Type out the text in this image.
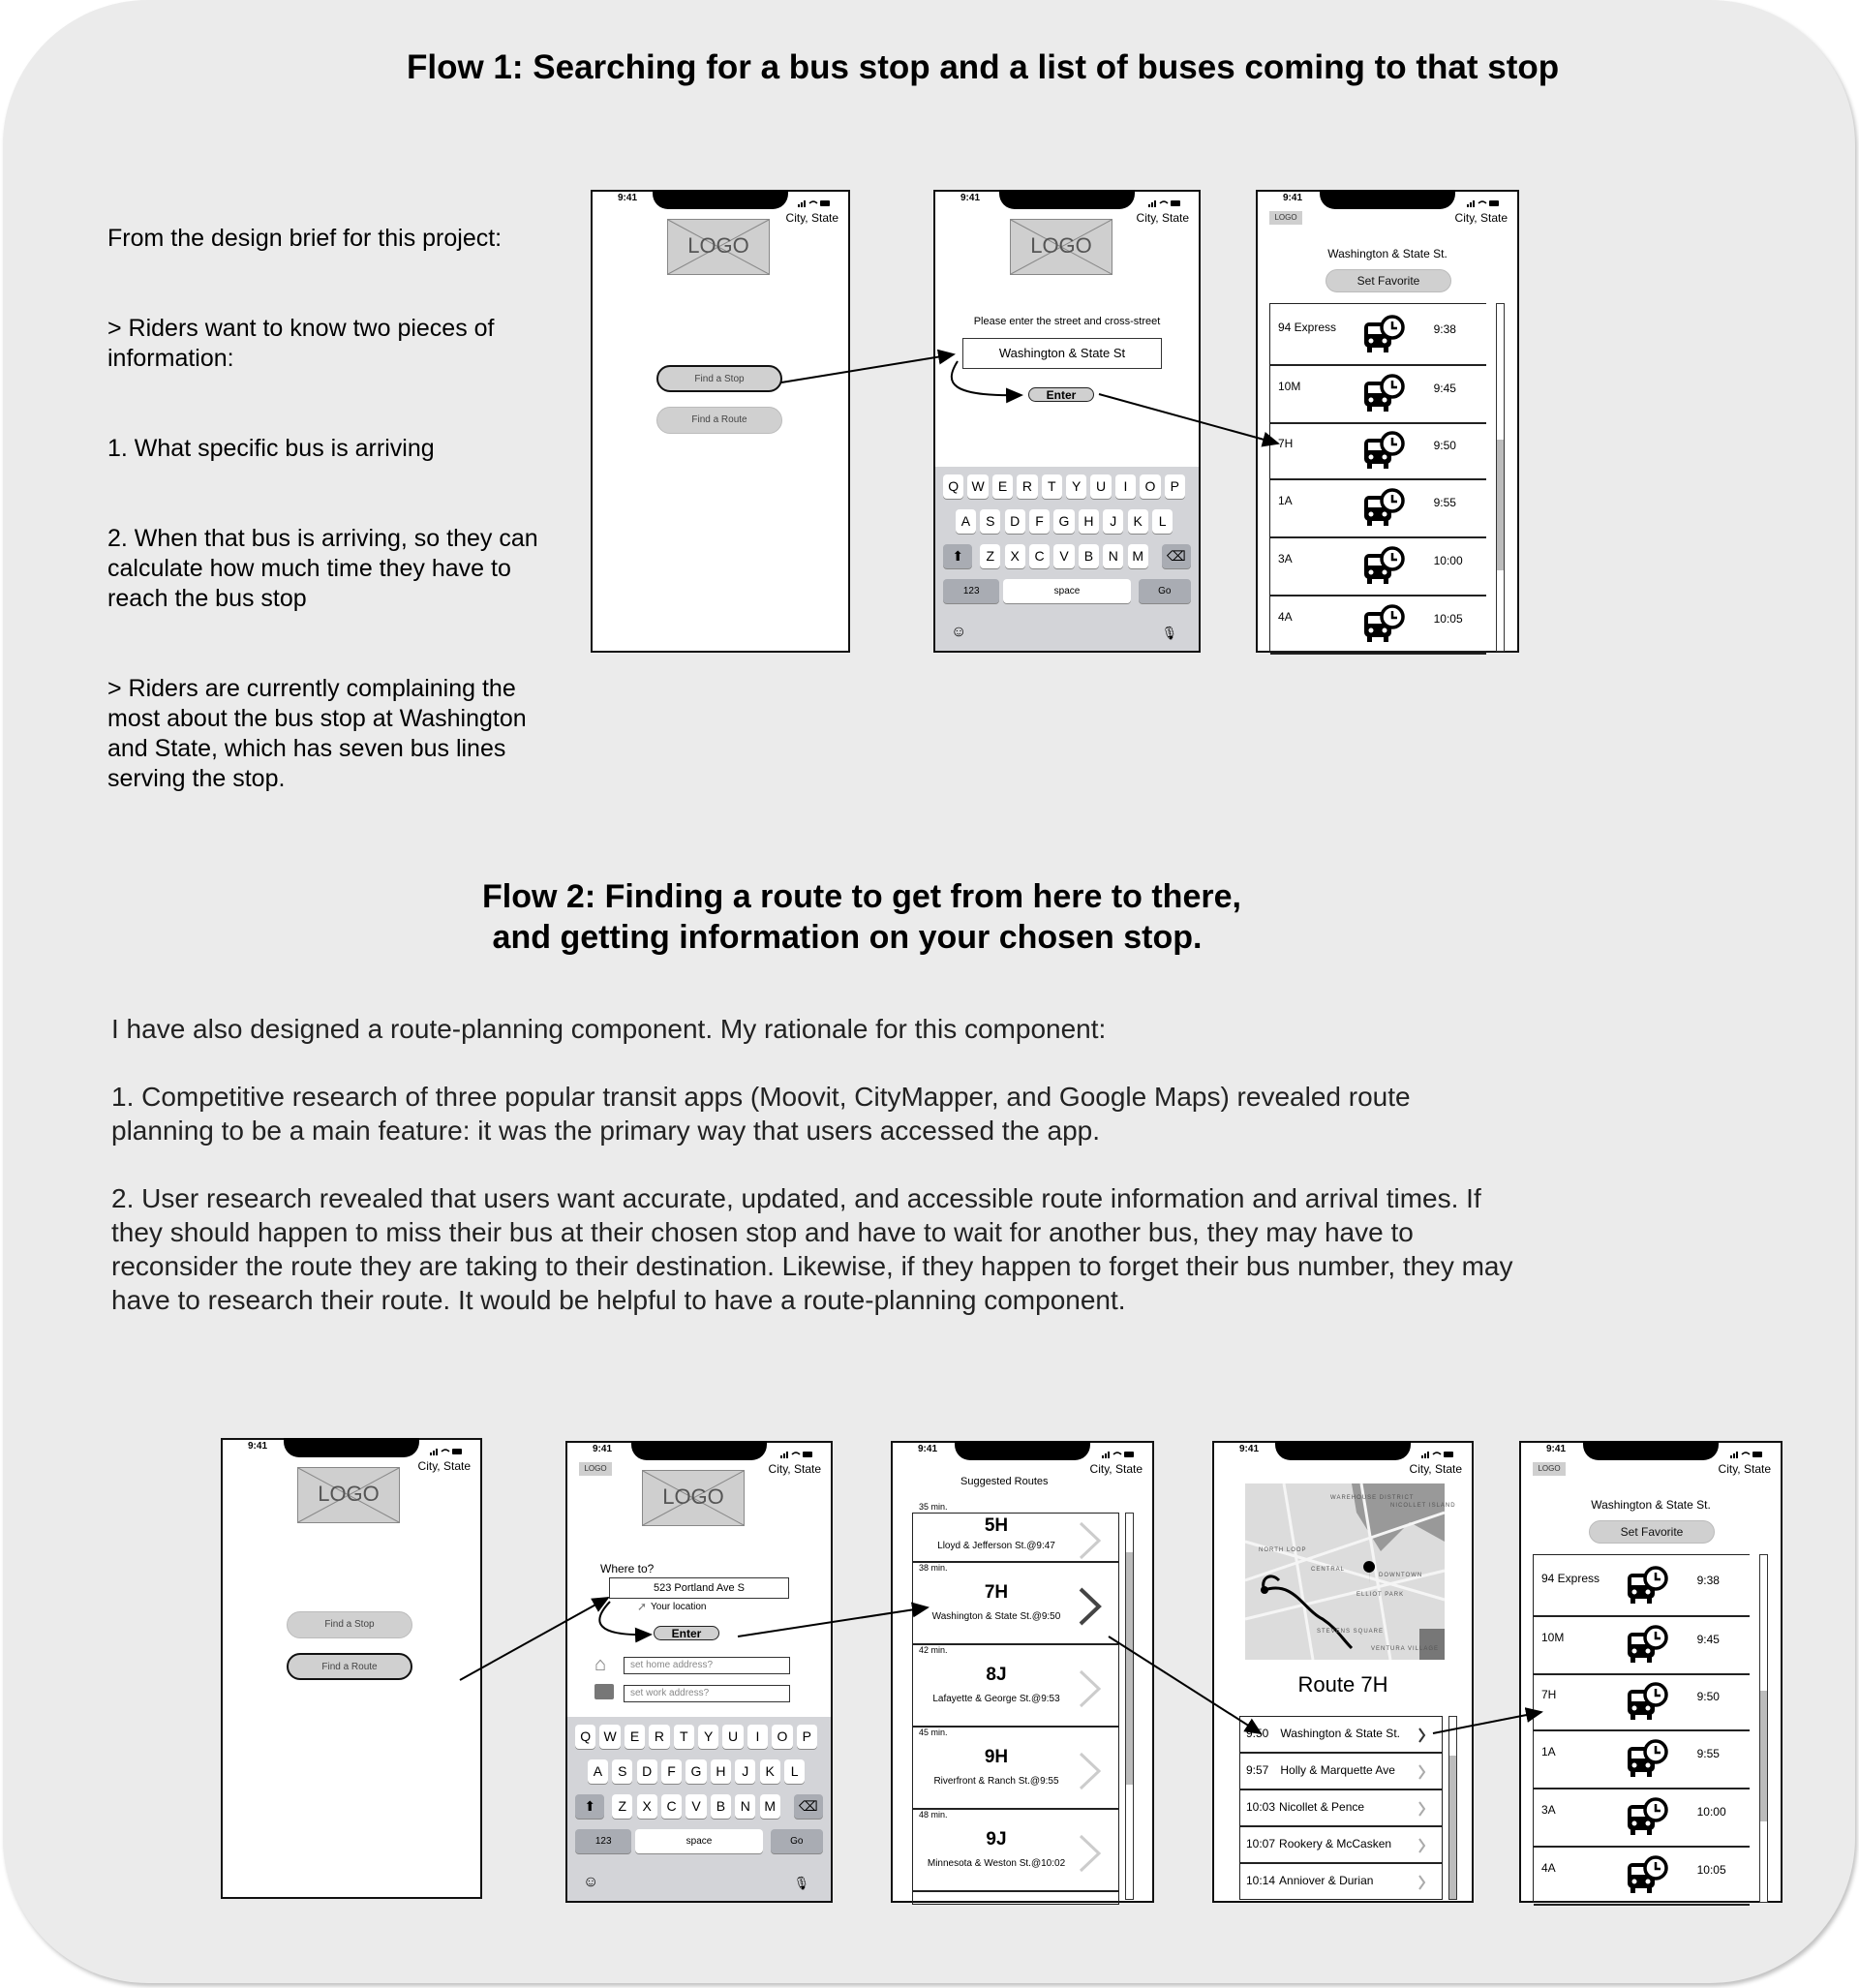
Flow 1: Searching for a bus stop and a list of buses coming to that stop

From the design brief for this project:

> Riders want to know two pieces of information:

1. What specific bus is arriving

2. When that bus is arriving, so they can calculate how much time they have to reach the bus stop

> Riders are currently complaining the most about the bus stop at Washington and State, which has seven bus lines serving the stop.

Flow 2: Finding a route to get from here to there,
and getting information on your chosen stop.

I have also designed a route-planning component. My rationale for this component:

1. Competitive research of three popular transit apps (Moovit, CityMapper, and Google Maps) revealed route planning to be a main feature: it was the primary way that users accessed the app.

2. User research revealed that users want accurate, updated, and accessible route information and arrival times. If they should happen to miss their bus at their chosen stop and have to wait for another bus, they may have to reconsider the route they are taking to their destination. Likewise, if they happen to forget their bus number, they may have to research their route. It would be helpful to have a route-planning component.

9:41
City, State
LOGO
Find a Stop
Find a Route
9:41
City, State
LOGO
Please enter the street and cross-street
Washington & State St
Enter
Q W	E	R	T	Y	U	I	O	P
A	S	D	F	G	H	J	K	L
Z	X	C	V	B	N	M
⬆	⌫
123	space	Go
☺	🎙
9:41
City, State
LOGO
Washington & State St.
Set Favorite
94 Express	9:38
10M	9:45
7H	9:50
1A	9:55
3A	10:00
4A	10:05
9:41
City, State
LOGO
Find a Stop
Find a Route
9:41
City, State
LOGO
LOGO
Where to?
523 Portland Ave S
➚ Your location
Enter
⌂	set home address?
set work address?
Q W	E	R	T	Y	U	I	O	P
A	S	D	F	G	H	J	K	L
Z	X	C	V	B	N	M
⬆	⌫
123	space	Go
☺	🎙
9:41
City, State
Suggested Routes
35 min.
5H
Lloyd & Jefferson St.@9:47
38 min.
7H
Washington & State St.@9:50
42 min.
8J
Lafayette & George St.@9:53
45 min.
9H
Riverfront & Ranch St.@9:55
48 min.
9J
Minnesota & Weston St.@10:02
9:41
City, State
WAREHOUSE DISTRICT
NORTH LOOP
CENTRAL
DOWNTOWN
ELLIOT PARK
STEVENS SQUARE
VENTURA VILLAGE
NICOLLET ISLAND
Route 7H
9:50 Washington & State St.
9:57 Holly & Marquette Ave
10:03 Nicollet & Pence
10:07 Rookery & McCasken
10:14 Anniover & Durian
9:41
City, State
LOGO
Washington & State St.
Set Favorite
94 Express	9:38
10M	9:45
7H	9:50
1A	9:55
3A	10:00
4A	10:05
